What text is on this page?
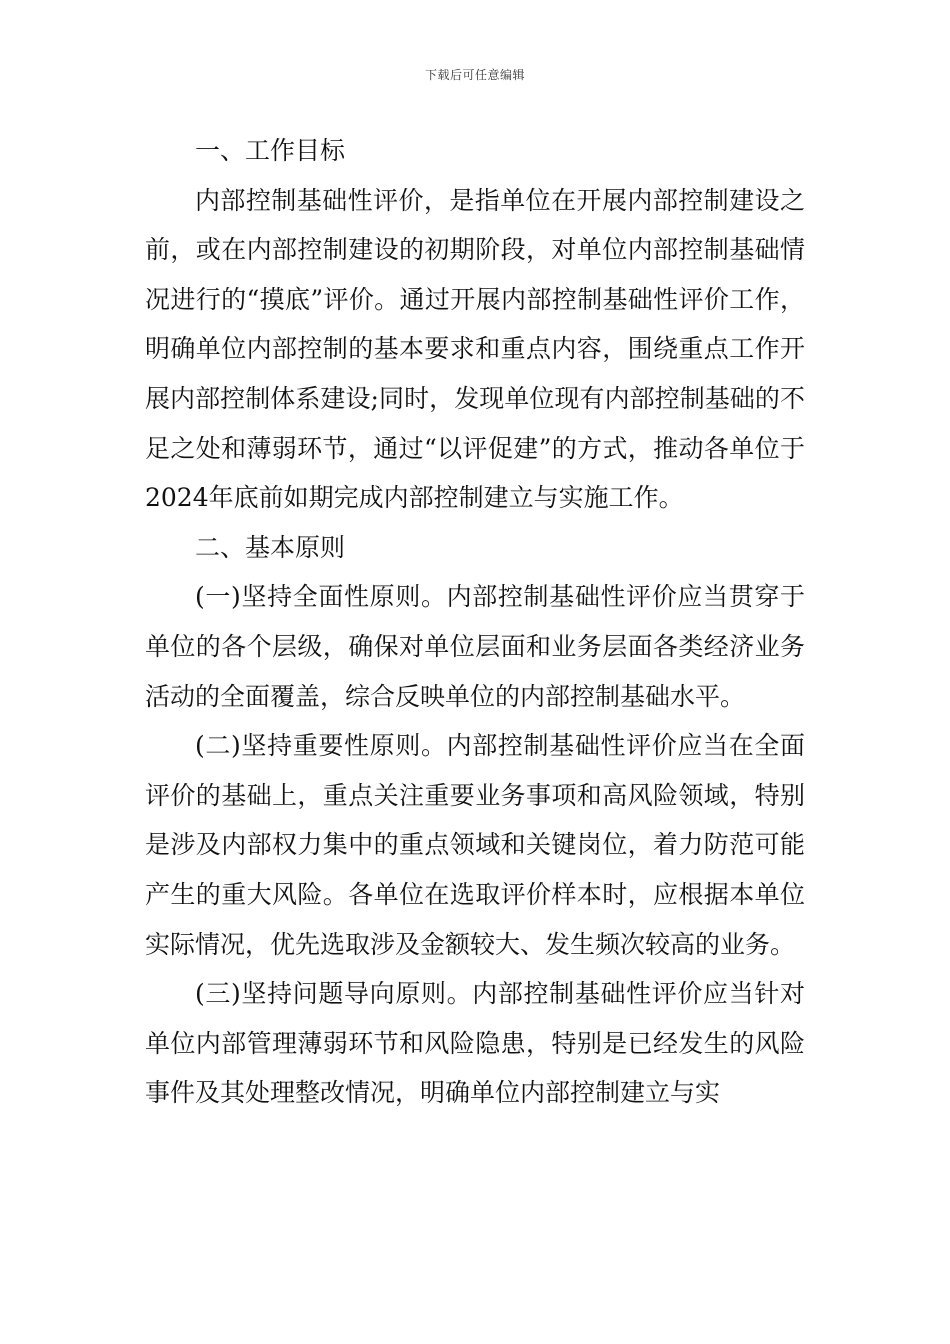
下载后可任意编辑

一、工作目标

内部控制基础性评价，是指单位在开展内部控制建设之前，或在内部控制建设的初期阶段，对单位内部控制基础情况进行的“摸底”评价。通过开展内部控制基础性评价工作，明确单位内部控制的基本要求和重点内容，围绕重点工作开展内部控制体系建设;同时，发现单位现有内部控制基础的不足之处和薄弱环节，通过“以评促建”的方式，推动各单位于2024年底前如期完成内部控制建立与实施工作。

二、基本原则

(一)坚持全面性原则。内部控制基础性评价应当贯穿于单位的各个层级，确保对单位层面和业务层面各类经济业务活动的全面覆盖，综合反映单位的内部控制基础水平。

(二)坚持重要性原则。内部控制基础性评价应当在全面评价的基础上，重点关注重要业务事项和高风险领域，特别是涉及内部权力集中的重点领域和关键岗位，着力防范可能产生的重大风险。各单位在选取评价样本时，应根据本单位实际情况，优先选取涉及金额较大、发生频次较高的业务。

(三)坚持问题导向原则。内部控制基础性评价应当针对单位内部管理薄弱环节和风险隐患，特别是已经发生的风险事件及其处理整改情况，明确单位内部控制建立与实
